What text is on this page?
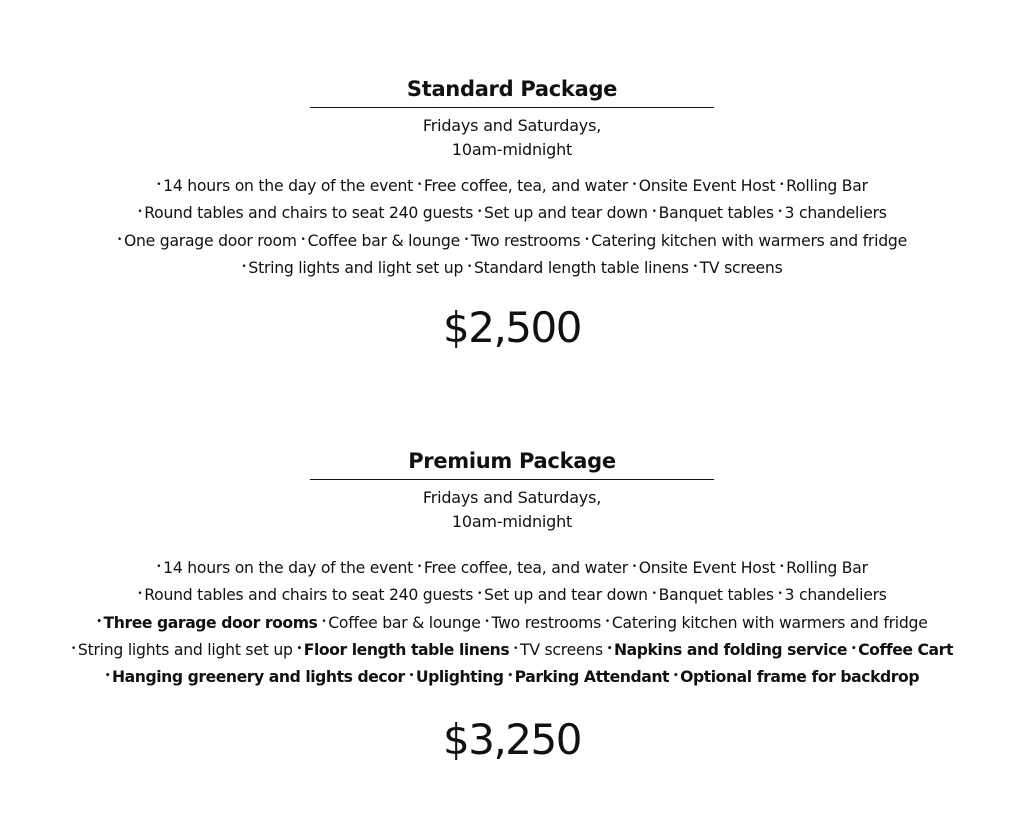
Standard Package
Fridays and Saturdays,
10am-midnight
• 14 hours on the day of the event • Free coffee, tea, and water • Onsite Event Host • Rolling Bar
• Round tables and chairs to seat 240 guests • Set up and tear down • Banquet tables • 3 chandeliers
• One garage door room • Coffee bar & lounge • Two restrooms • Catering kitchen with warmers and fridge
• String lights and light set up • Standard length table linens • TV screens
$2,500
Premium Package
Fridays and Saturdays,
10am-midnight
• 14 hours on the day of the event • Free coffee, tea, and water • Onsite Event Host • Rolling Bar
• Round tables and chairs to seat 240 guests • Set up and tear down • Banquet tables • 3 chandeliers
• Three garage door rooms • Coffee bar & lounge • Two restrooms • Catering kitchen with warmers and fridge
• String lights and light set up • Floor length table linens • TV screens • Napkins and folding service • Coffee Cart
• Hanging greenery and lights decor • Uplighting • Parking Attendant • Optional frame for backdrop
$3,250
